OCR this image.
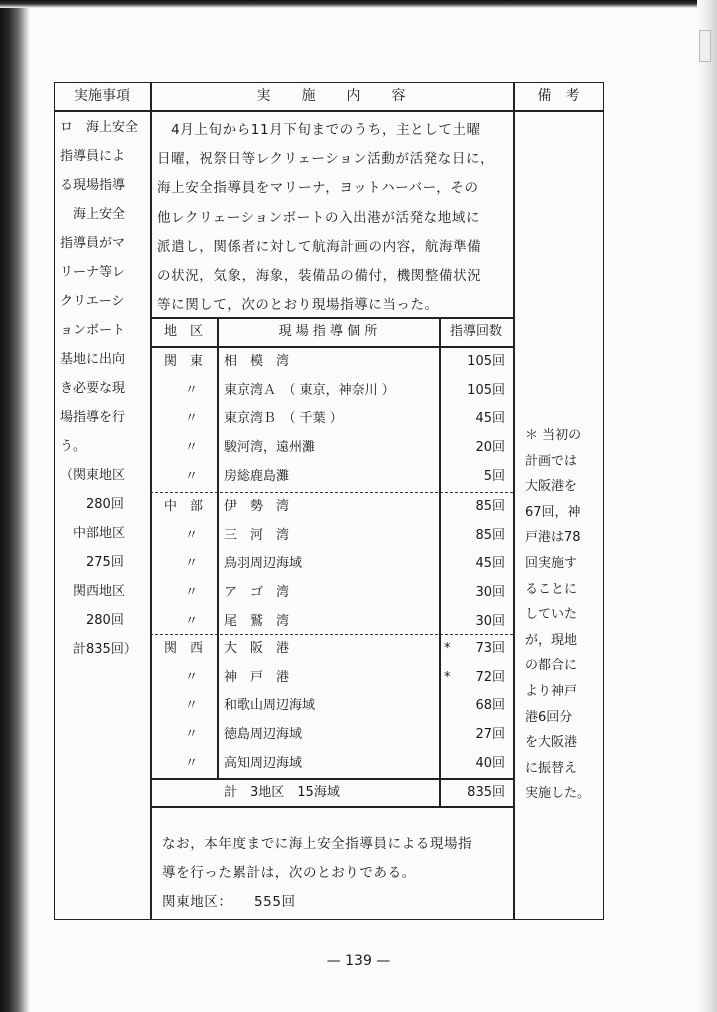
実施事項	実　　施　　内　　容	備　考
ロ　海上安全
指導員によ
る現場指導
　海上安全
指導員がマ
リーナ等レ
クリエーシ
ョンボート
基地に出向
き必要な現
場指導を行
う。
（関東地区
　　280回
　中部地区
　　275回
　関西地区
　　280回
　計835回）
　4月上旬から11月下旬までのうち，主として土曜
日曜，祝祭日等レクリェーション活動が活発な日に，
海上安全指導員をマリーナ，ヨットハーバー，その
他レクリェーションボートの入出港が活発な地域に
派遣し，関係者に対して航海計画の内容，航海準備
の状況，気象，海象，装備品の備付，機関整備状況
等に関して，次のとおり現場指導に当った。
地　区	現 場 指 導 個 所	指導回数
関　東	相　模　湾	105回
〃	東京湾Ａ　（ 東京，神奈川 ）	105回
〃	東京湾Ｂ　（ 千葉 ）	45回
〃	駿河湾，遠州灘	20回
〃	房総鹿島灘	5回
中　部	伊　勢　湾	85回
〃	三　河　湾	85回
〃	鳥羽周辺海域	45回
〃	ア　ゴ　湾	30回
〃	尾　鷲　湾	30回
関　西	大　阪　港	*	73回
〃	神　戸　港	*	72回
〃	和歌山周辺海域	68回
〃	徳島周辺海域	27回
〃	高知周辺海域	40回
計　3地区　15海域	835回
なお，本年度までに海上安全指導員による現場指
導を行った累計は，次のとおりである。
関東地区：　　555回
＊ 当初の
計画では
大阪港を
67回，神
戸港は78
回実施す
ることに
していた
が，現地
の都合に
より神戸
港6回分
を大阪港
に振替え
実施した。
— 139 —
